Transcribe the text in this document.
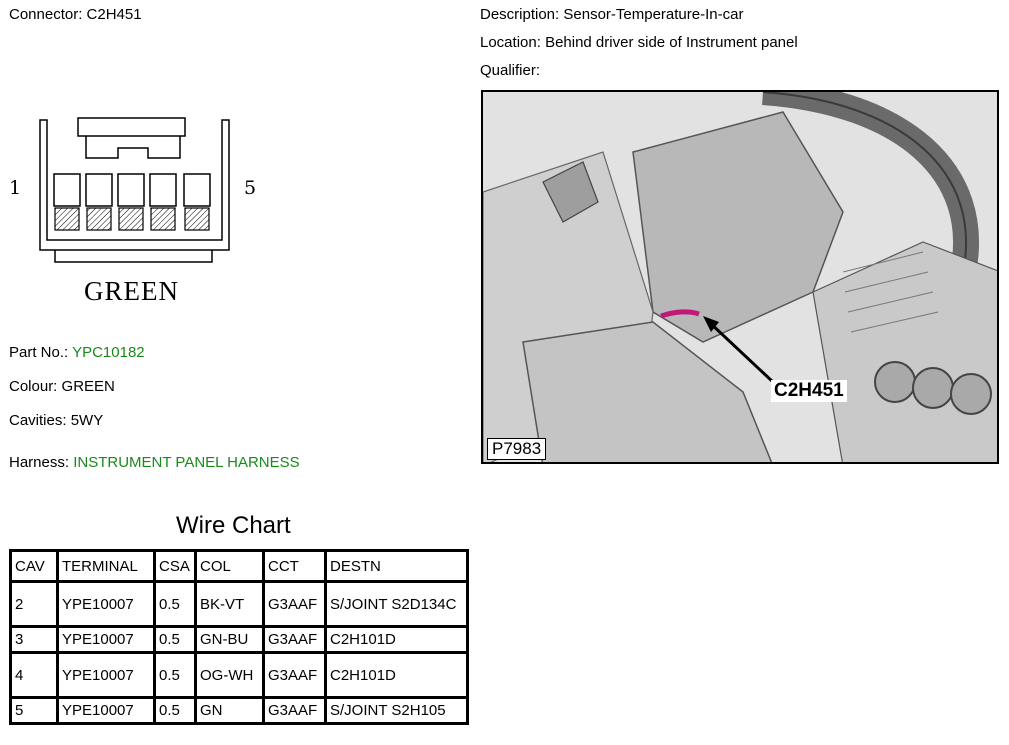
Connector: C2H451	Description: Sensor-Temperature-In-car
Location: Behind driver side of Instrument panel
Qualifier:
1	5
GREEN
Part No.: YPC10182
Colour: GREEN
Cavities: 5WY
Harness: INSTRUMENT PANEL HARNESS
C2H451
P7983
Wire Chart
CAV	TERMINAL	CSA	COL	CCT	DESTN
2	YPE10007	0.5	BK-VT	G3AAF	S/JOINT S2D134C
3	YPE10007	0.5	GN-BU	G3AAF	C2H101D
4	YPE10007	0.5	OG-WH	G3AAF	C2H101D
5	YPE10007	0.5	GN	G3AAF	S/JOINT S2H105
